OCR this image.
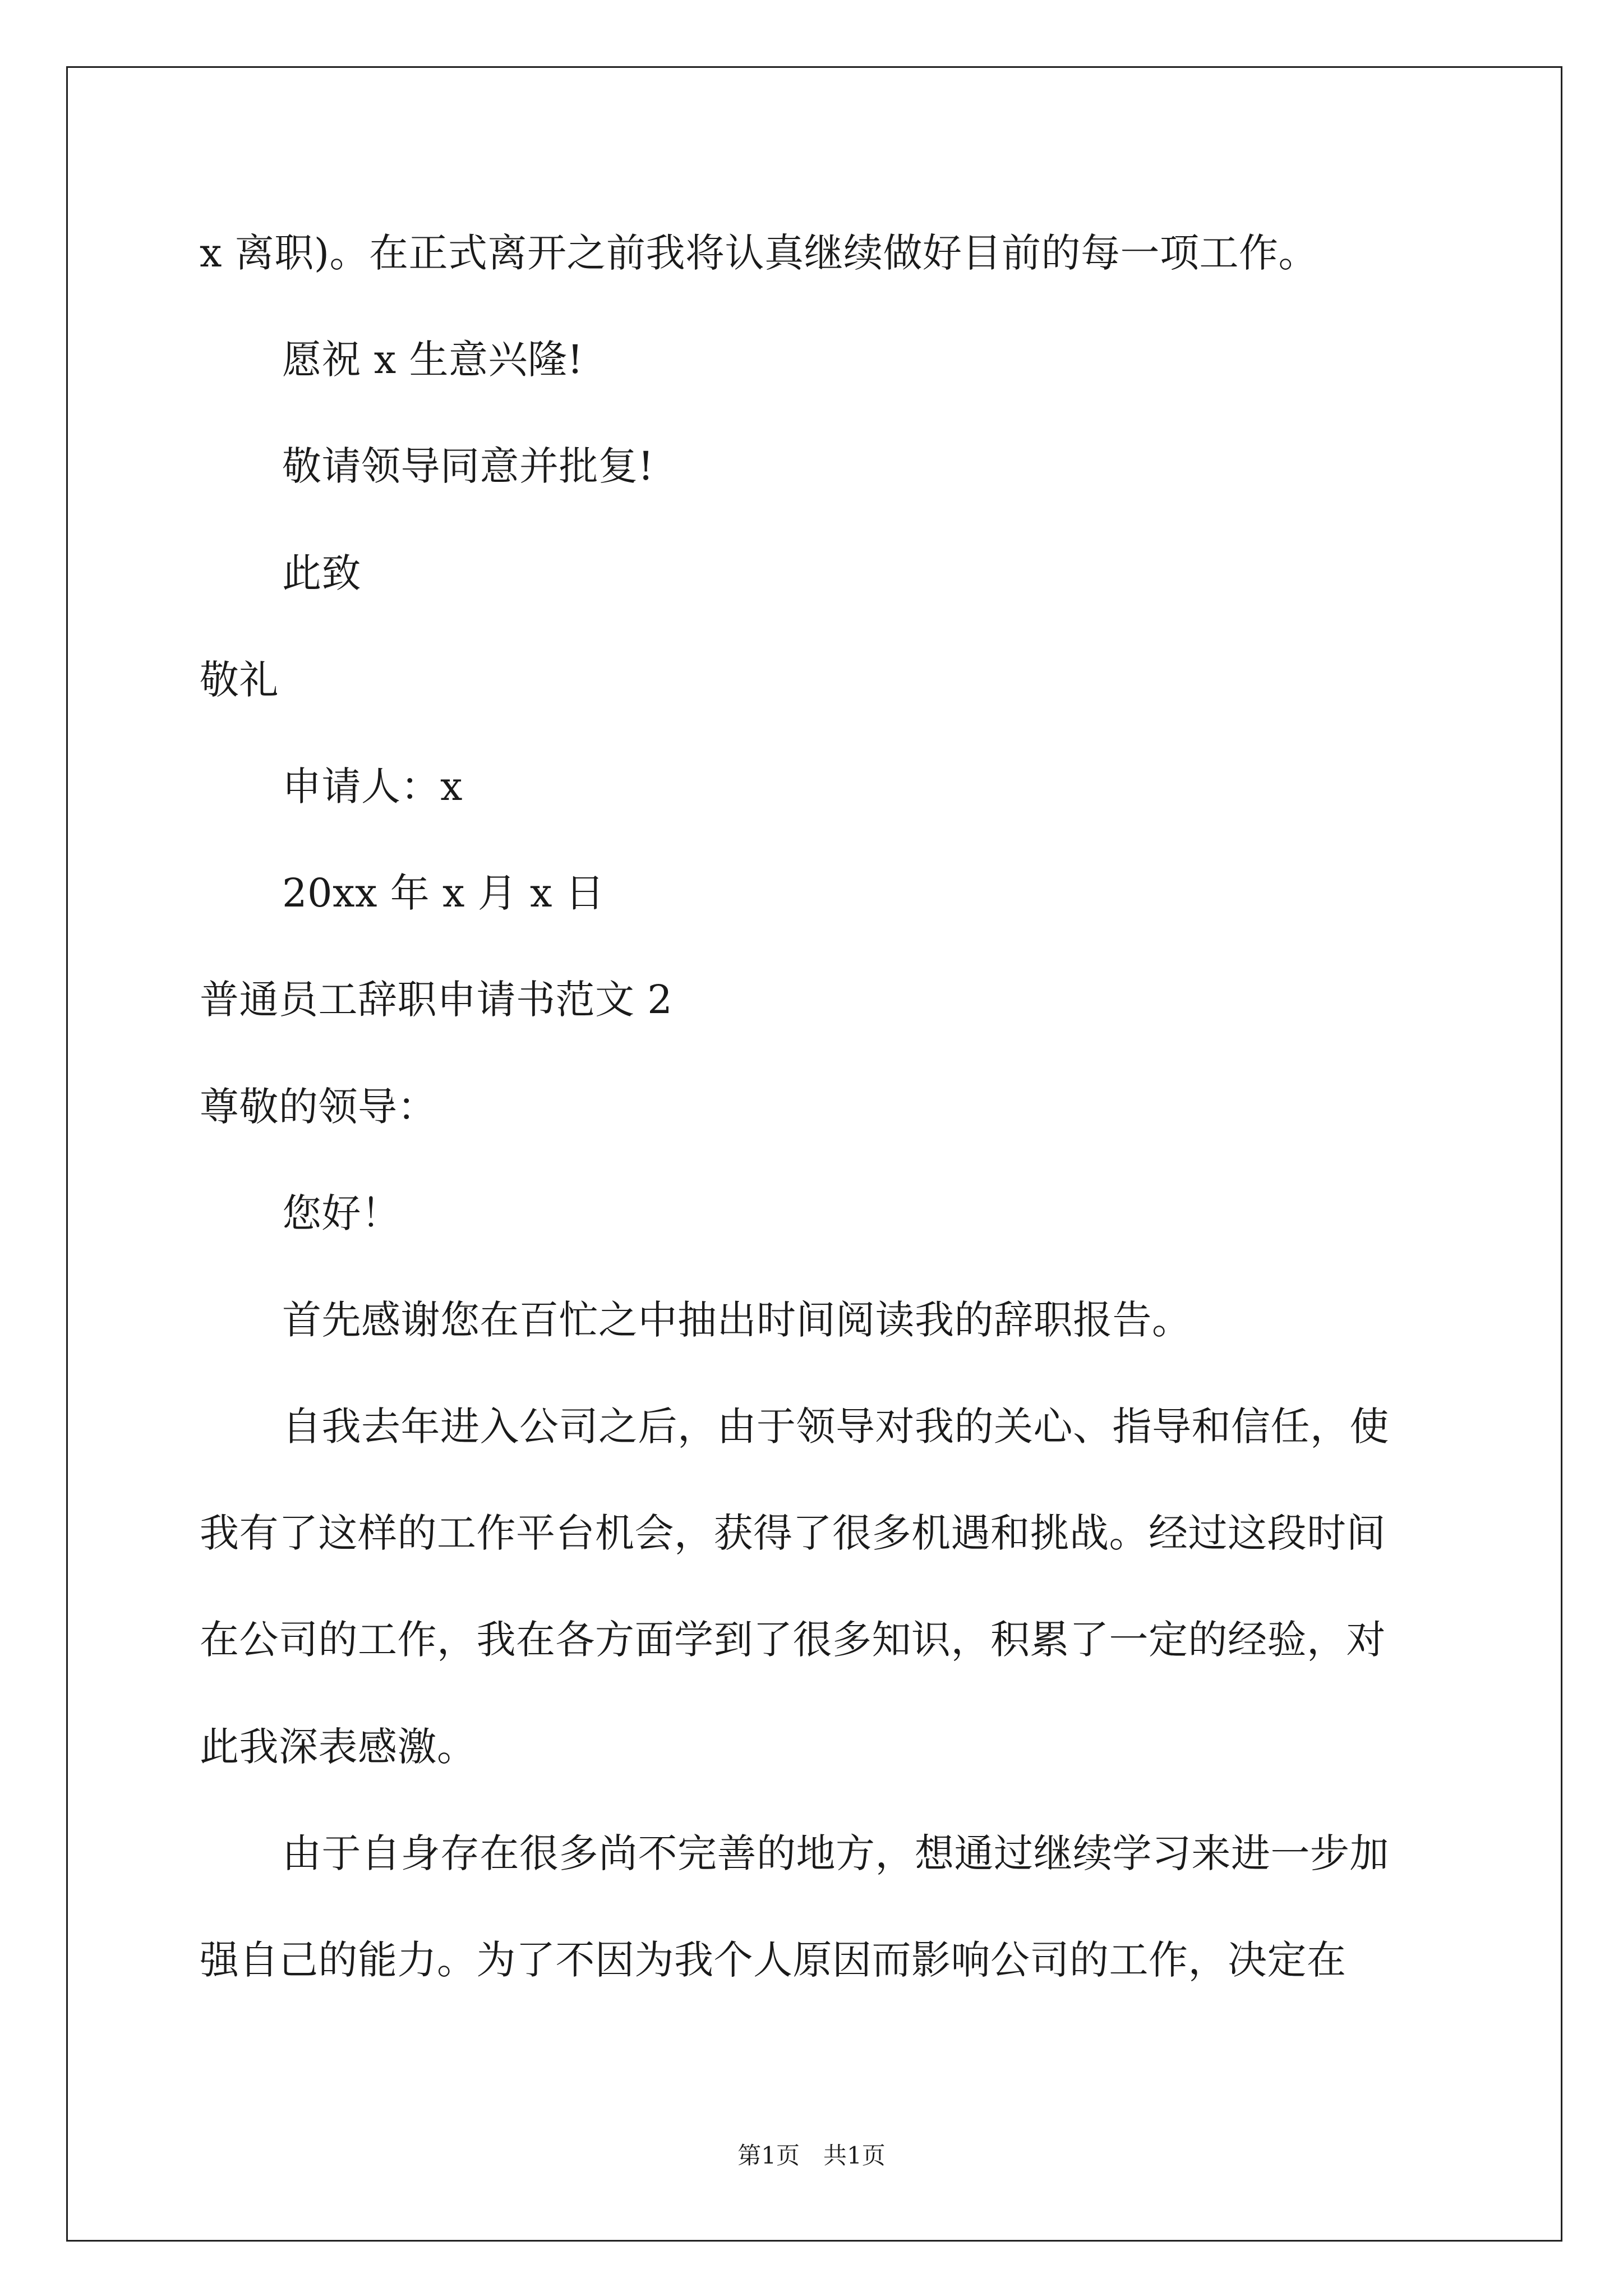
x 离职)。在正式离开之前我将认真继续做好目前的每一项工作。
愿祝 x 生意兴隆!
敬请领导同意并批复!
此致
敬礼
申请人：x
20xx 年 x 月 x 日
普通员工辞职申请书范文 2
尊敬的领导：
您好！
首先感谢您在百忙之中抽出时间阅读我的辞职报告。
自我去年进入公司之后，由于领导对我的关心、指导和信任，使
我有了这样的工作平台机会，获得了很多机遇和挑战。经过这段时间
在公司的工作，我在各方面学到了很多知识，积累了一定的经验，对
此我深表感激。
由于自身存在很多尚不完善的地方，想通过继续学习来进一步加
强自己的能力。为了不因为我个人原因而影响公司的工作，决定在
第1页　共1页
